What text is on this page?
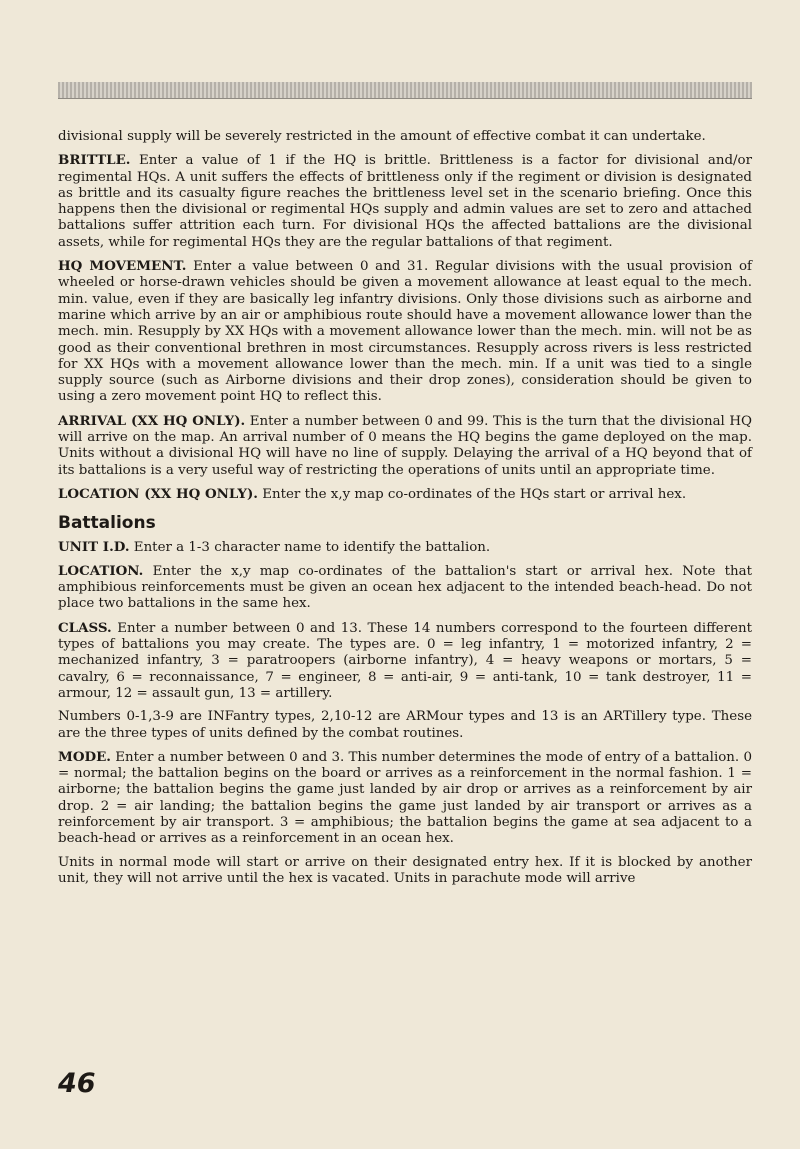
divisional supply will be severely restricted in the amount of effective combat it can undertake.

BRITTLE. Enter a value of 1 if the HQ is brittle. Brittleness is a factor for divisional and/or regimental HQs. A unit suffers the effects of brittleness only if the regiment or division is designated as brittle and its casualty figure reaches the brittleness level set in the scenario briefing. Once this happens then the divisional or regimental HQs supply and admin values are set to zero and attached battalions suffer attrition each turn. For divisional HQs the affected battalions are the divisional assets, while for regimental HQs they are the regular battalions of that regiment.

HQ MOVEMENT. Enter a value between 0 and 31. Regular divisions with the usual provision of wheeled or horse-drawn vehicles should be given a movement allowance at least equal to the mech. min. value, even if they are basically leg infantry divisions. Only those divisions such as airborne and marine which arrive by an air or amphibious route should have a movement allowance lower than the mech. min. Resupply by XX HQs with a movement allowance lower than the mech. min. will not be as good as their conventional brethren in most circumstances. Resupply across rivers is less restricted for XX HQs with a movement allowance lower than the mech. min. If a unit was tied to a single supply source (such as Airborne divisions and their drop zones), consideration should be given to using a zero movement point HQ to reflect this.

ARRIVAL (XX HQ ONLY). Enter a number between 0 and 99. This is the turn that the divisional HQ will arrive on the map. An arrival number of 0 means the HQ begins the game deployed on the map. Units without a divisional HQ will have no line of supply. Delaying the arrival of a HQ beyond that of its battalions is a very useful way of restricting the operations of units until an appropriate time.

LOCATION (XX HQ ONLY). Enter the x,y map co-ordinates of the HQs start or arrival hex.

Battalions

UNIT I.D. Enter a 1-3 character name to identify the battalion.

LOCATION. Enter the x,y map co-ordinates of the battalion's start or arrival hex. Note that amphibious reinforcements must be given an ocean hex adjacent to the intended beach-head. Do not place two battalions in the same hex.

CLASS. Enter a number between 0 and 13. These 14 numbers correspond to the fourteen different types of battalions you may create. The types are. 0 = leg infantry, 1 = motorized infantry, 2 = mechanized infantry, 3 = paratroopers (airborne infantry), 4 = heavy weapons or mortars, 5 = cavalry, 6 = reconnaissance, 7 = engineer, 8 = anti-air, 9 = anti-tank, 10 = tank destroyer, 11 = armour, 12 = assault gun, 13 = artillery.

Numbers 0-1,3-9 are INFantry types, 2,10-12 are ARMour types and 13 is an ARTillery type. These are the three types of units defined by the combat routines.

MODE. Enter a number between 0 and 3. This number determines the mode of entry of a battalion. 0 = normal; the battalion begins on the board or arrives as a reinforcement in the normal fashion. 1 = airborne; the battalion begins the game just landed by air drop or arrives as a reinforcement by air drop. 2 = air landing; the battalion begins the game just landed by air transport or arrives as a reinforcement by air transport. 3 = amphibious; the battalion begins the game at sea adjacent to a beach-head or arrives as a reinforcement in an ocean hex.

Units in normal mode will start or arrive on their designated entry hex. If it is blocked by another unit, they will not arrive until the hex is vacated. Units in parachute mode will arrive

46
